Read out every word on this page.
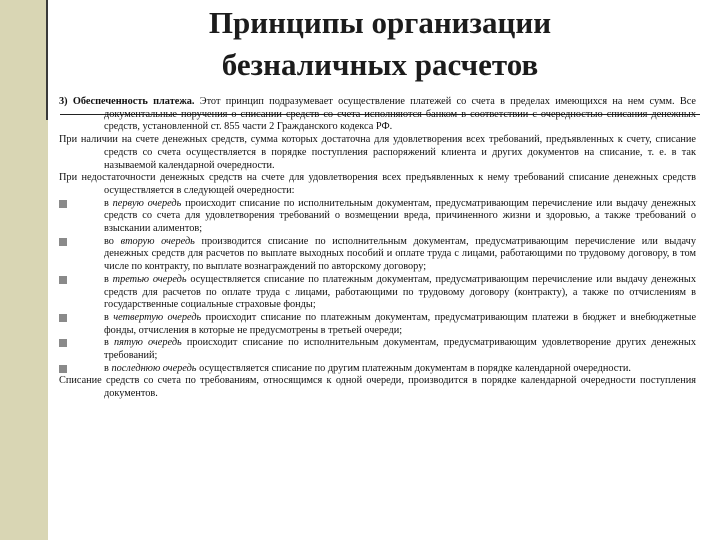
Принципы организации
безналичных расчетов

3) Обеспеченность платежа. Этот принцип подразумевает осуществление платежей со счета в пределах имеющихся на нем сумм. Все документальные поручения о списании средств со счета исполняются банком в соответствии с очередностью списания денежных средств, установленной ст. 855 части 2 Гражданского кодекса РФ.

При наличии на счете денежных средств, сумма которых достаточна для удовлетворения всех требований, предъявленных к счету, списание средств со счета осуществляется в порядке поступления распоряжений клиента и других документов на списание, т. е. в так называемой календарной очередности.

При недостаточности денежных средств на счете для удовлетворения всех предъявленных к нему требований списание денежных средств осуществляется в следующей очередности:

в первую очередь происходит списание по исполнительным документам, предусматривающим перечисление или выдачу денежных средств со счета для удовлетворения требований о возмещении вреда, причиненного жизни и здоровью, а также требований о взыскании алиментов;
во вторую очередь производится списание по исполнительным документам, предусматривающим перечисление или выдачу денежных средств для расчетов по выплате выходных пособий и оплате труда с лицами, работающими по трудовому договору, в том числе по контракту, по выплате вознаграждений по авторскому договору;
в третью очередь осуществляется списание по платежным документам, предусматривающим перечисление или выдачу денежных средств для расчетов по оплате труда с лицами, работающими по трудовому договору (контракту), а также по отчислениям в государственные социальные страховые фонды;
в четвертую очередь происходит списание по платежным документам, предусматривающим платежи в бюджет и внебюджетные фонды, отчисления в которые не предусмотрены в третьей очереди;
в пятую очередь происходит списание по исполнительным документам, предусматривающим удовлетворение других денежных требований;
в последнюю очередь осуществляется списание по другим платежным документам в порядке календарной очередности.

Списание средств со счета по требованиям, относящимся к одной очереди, производится в порядке календарной очередности поступления документов.
